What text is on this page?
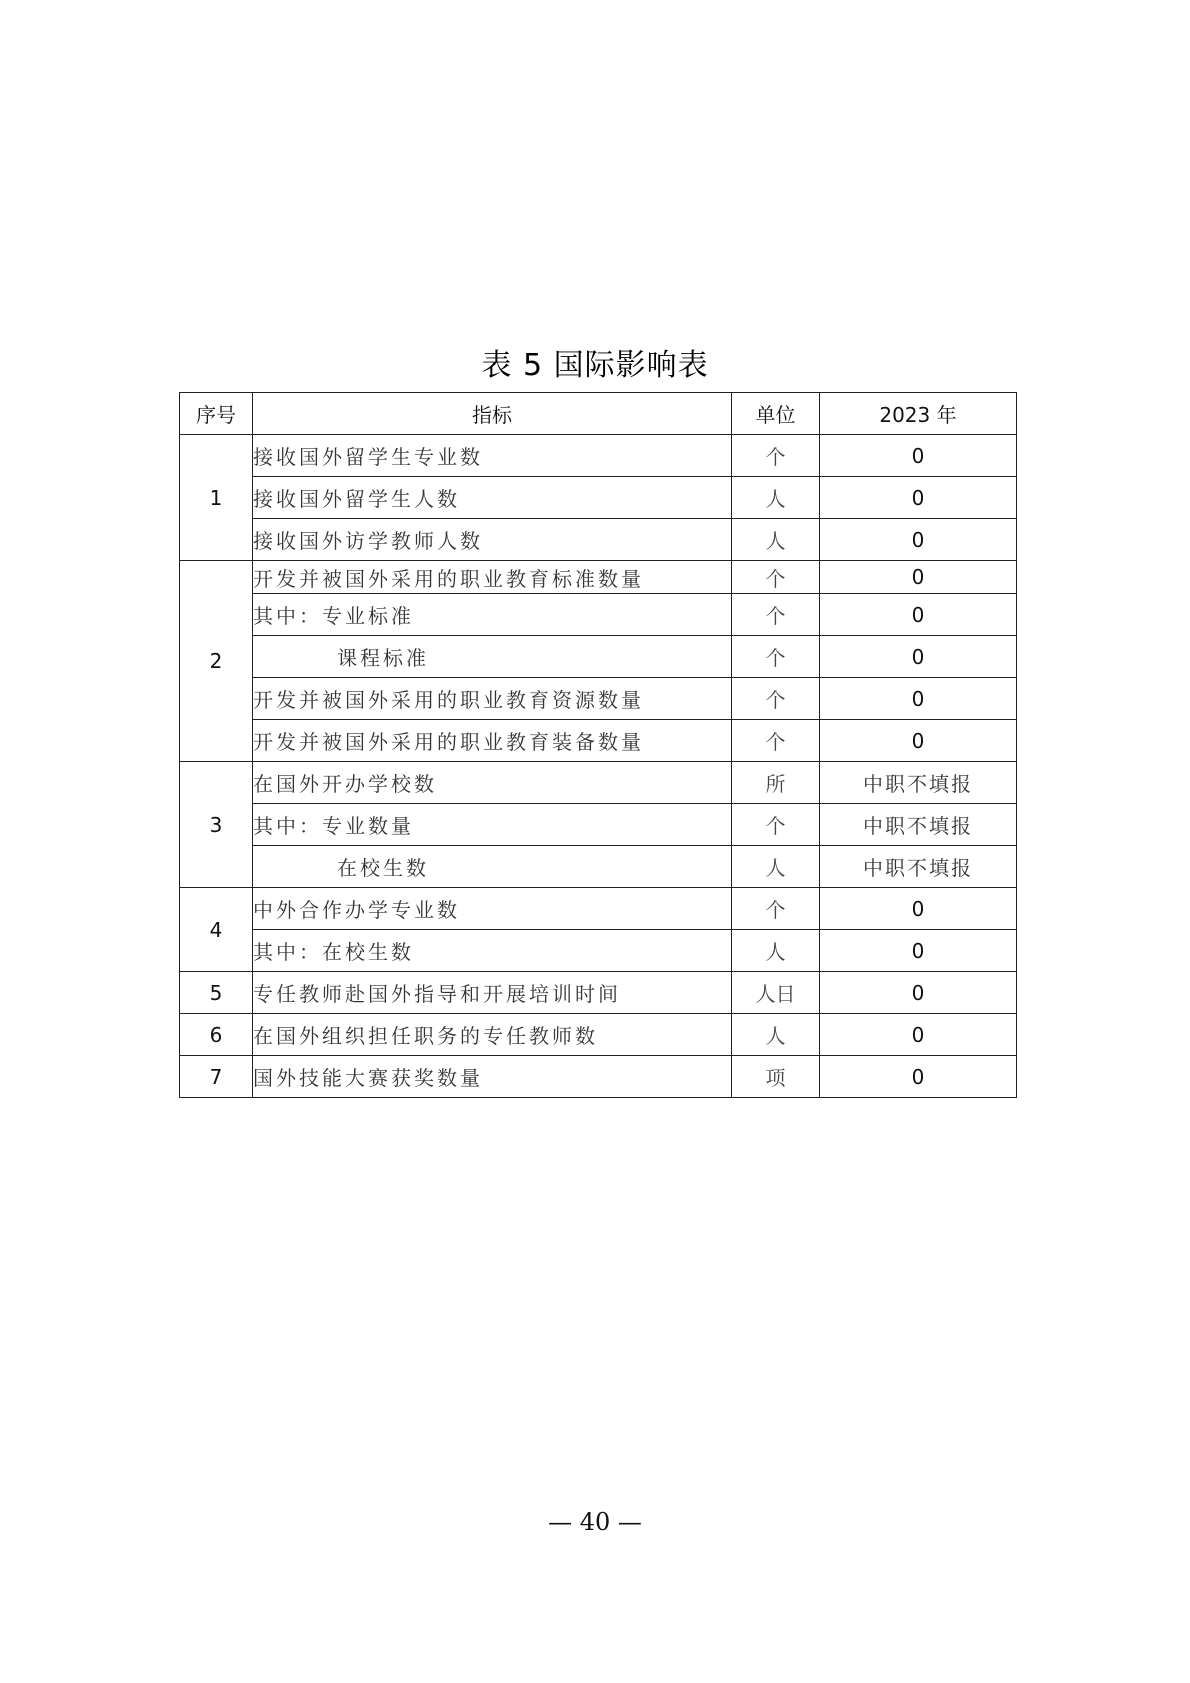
表 5 国际影响表
序号	指标	单位	2023 年
1	接收国外留学生专业数	个	0
	接收国外留学生人数	人	0
	接收国外访学教师人数	人	0
2	开发并被国外采用的职业教育标准数量	个	0
	其中：专业标准	个	0
	课程标准	个	0
	开发并被国外采用的职业教育资源数量	个	0
	开发并被国外采用的职业教育装备数量	个	0
3	在国外开办学校数	所	中职不填报
	其中：专业数量	个	中职不填报
	在校生数	人	中职不填报
4	中外合作办学专业数	个	0
	其中：在校生数	人	0
5	专任教师赴国外指导和开展培训时间	人日	0
6	在国外组织担任职务的专任教师数	人	0
7	国外技能大赛获奖数量	项	0
— 40 —
